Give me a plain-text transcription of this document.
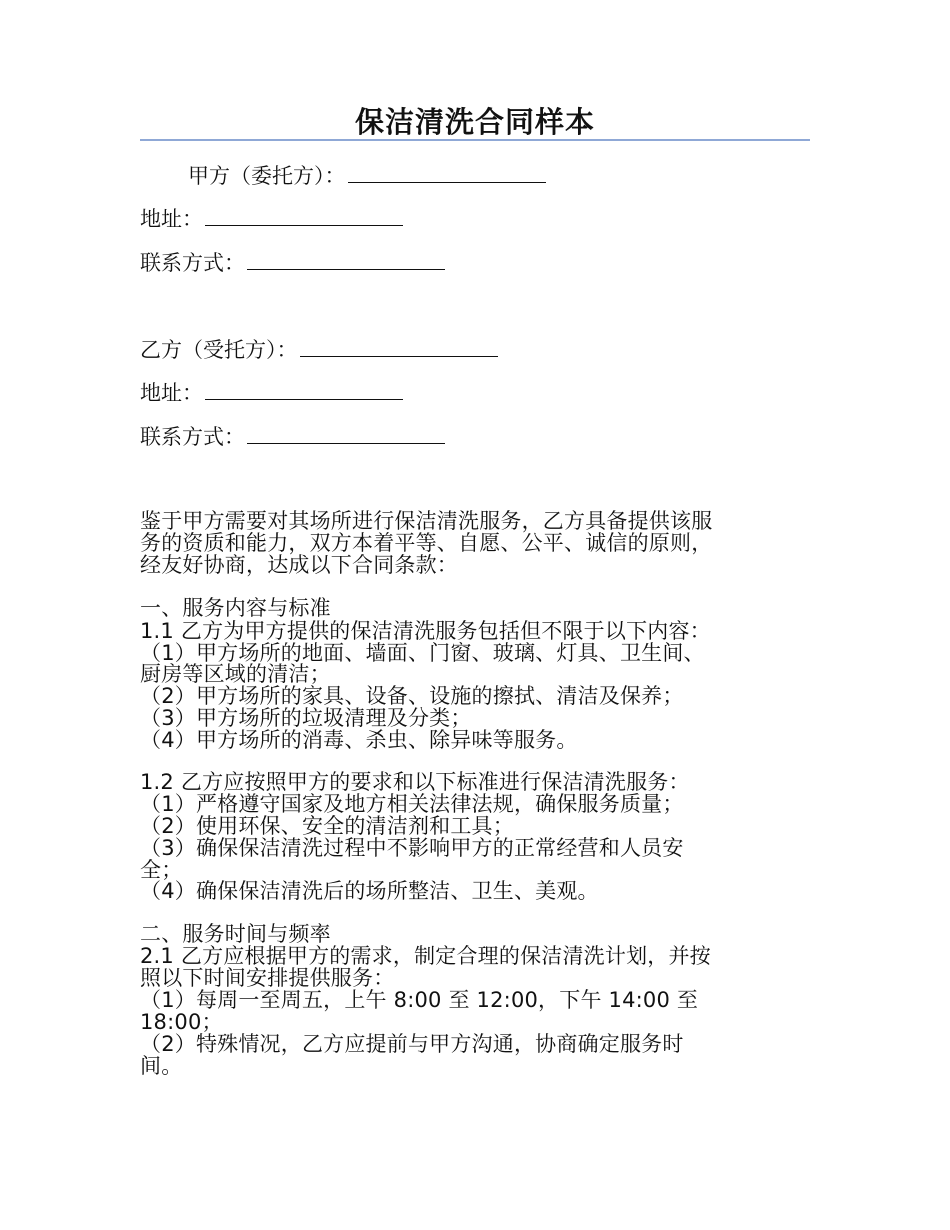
保洁清洗合同样本
甲方（委托方）：
地址：
联系方式：
乙方（受托方）：
地址：
联系方式：
鉴于甲方需要对其场所进行保洁清洗服务，乙方具备提供该服
务的资质和能力，双方本着平等、自愿、公平、诚信的原则，
经友好协商，达成以下合同条款：
一、服务内容与标准
1.1 乙方为甲方提供的保洁清洗服务包括但不限于以下内容：
（1）甲方场所的地面、墙面、门窗、玻璃、灯具、卫生间、
厨房等区域的清洁；
（2）甲方场所的家具、设备、设施的擦拭、清洁及保养；
（3）甲方场所的垃圾清理及分类；
（4）甲方场所的消毒、杀虫、除异味等服务。
1.2 乙方应按照甲方的要求和以下标准进行保洁清洗服务：
（1）严格遵守国家及地方相关法律法规，确保服务质量；
（2）使用环保、安全的清洁剂和工具；
（3）确保保洁清洗过程中不影响甲方的正常经营和人员安
全；
（4）确保保洁清洗后的场所整洁、卫生、美观。
二、服务时间与频率
2.1 乙方应根据甲方的需求，制定合理的保洁清洗计划，并按
照以下时间安排提供服务：
（1）每周一至周五，上午 8:00 至 12:00，下午 14:00 至
18:00；
（2）特殊情况，乙方应提前与甲方沟通，协商确定服务时
间。
